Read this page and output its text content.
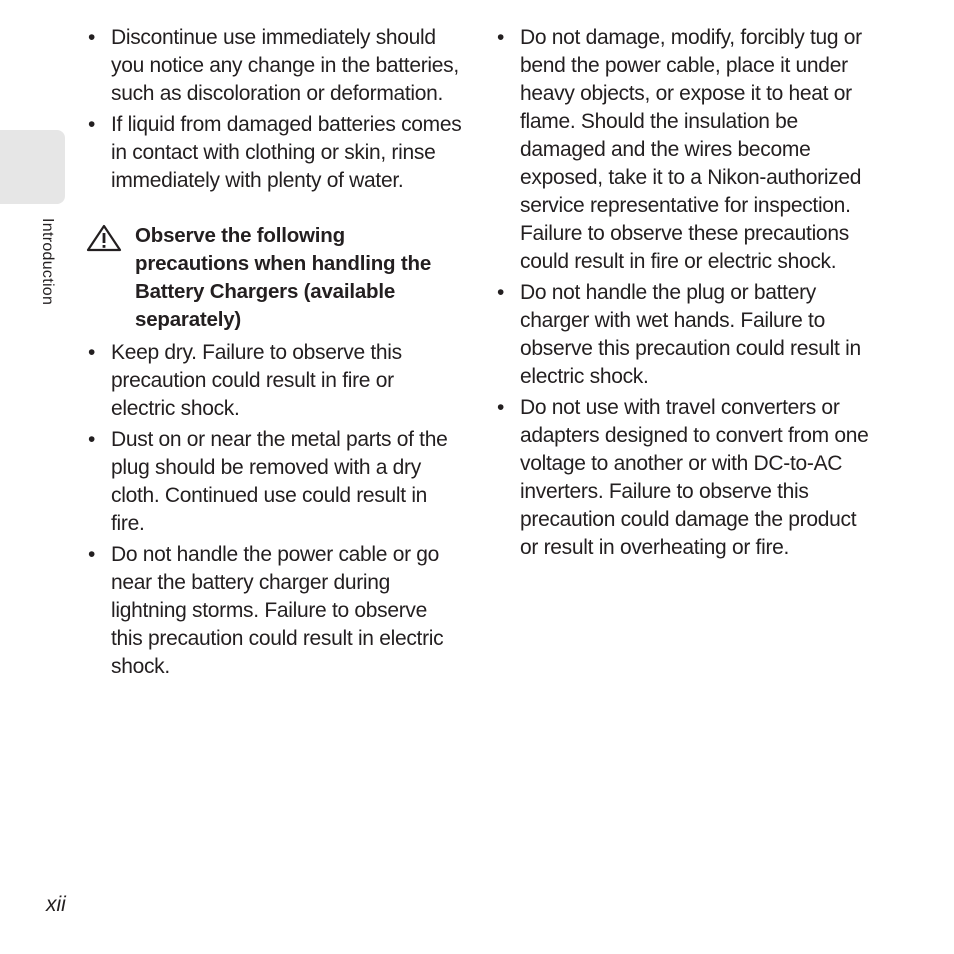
Introduction
• Discontinue use immediately should you notice any change in the batteries, such as discoloration or deformation.
• If liquid from damaged batteries comes in contact with clothing or skin, rinse immediately with plenty of water.
Observe the following precautions when handling the Battery Chargers (available separately)
• Keep dry. Failure to observe this precaution could result in fire or electric shock.
• Dust on or near the metal parts of the plug should be removed with a dry cloth. Continued use could result in fire.
• Do not handle the power cable or go near the battery charger during lightning storms. Failure to observe this precaution could result in electric shock.
• Do not damage, modify, forcibly tug or bend the power cable, place it under heavy objects, or expose it to heat or flame. Should the insulation be damaged and the wires become exposed, take it to a Nikon-authorized service representative for inspection. Failure to observe these precautions could result in fire or electric shock.
• Do not handle the plug or battery charger with wet hands. Failure to observe this precaution could result in electric shock.
• Do not use with travel converters or adapters designed to convert from one voltage to another or with DC-to-AC inverters. Failure to observe this precaution could damage the product or result in overheating or fire.
xii
